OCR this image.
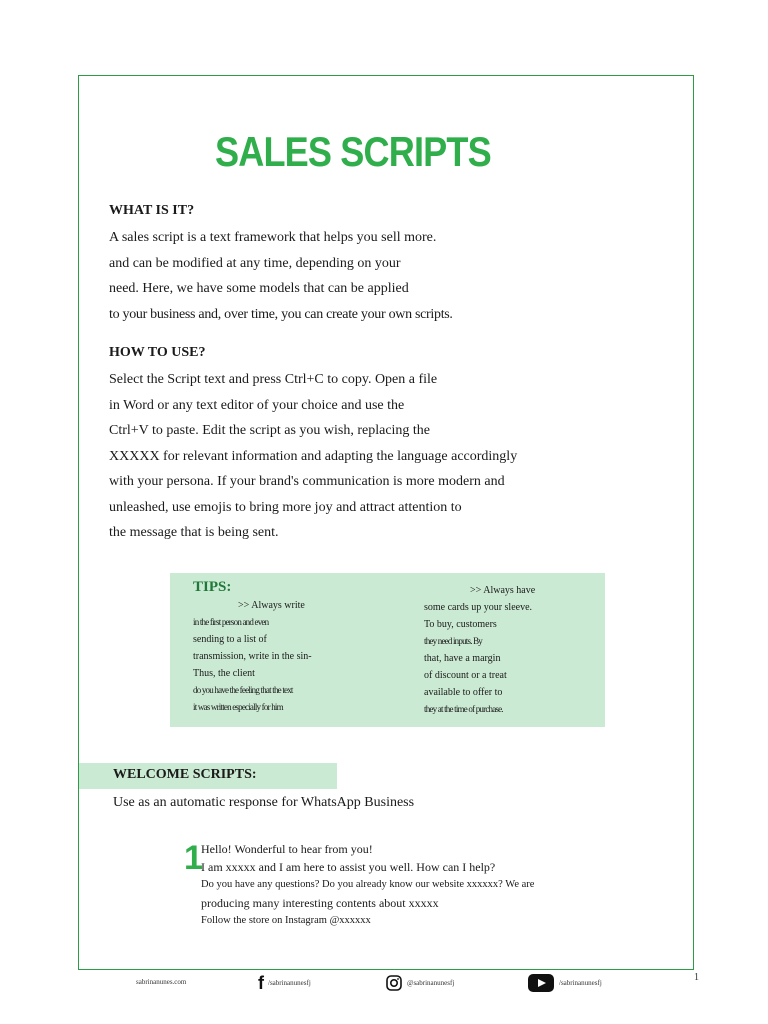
SALES SCRIPTS

WHAT IS IT?

A sales script is a text framework that helps you sell more.
and can be modified at any time, depending on your
need. Here, we have some models that can be applied
to your business and, over time, you can create your own scripts.

HOW TO USE?

Select the Script text and press Ctrl+C to copy. Open a file
in Word or any text editor of your choice and use the
Ctrl+V to paste. Edit the script as you wish, replacing the
XXXXX for relevant information and adapting the language accordingly
with your persona. If your brand's communication is more modern and
unleashed, use emojis to bring more joy and attract attention to
the message that is being sent.

TIPS:
>> Always write
in the first person and even
sending to a list of
transmission, write in the sin-
Thus, the client
do you have the feeling that the text
it was written especially for him
>> Always have
some cards up your sleeve.
To buy, customers
they need inputs. By
that, have a margin
of discount or a treat
available to offer to
they at the time of purchase.
WELCOME SCRIPTS:
Use as an automatic response for WhatsApp Business
1
Hello! Wonderful to hear from you!
I am xxxxx and I am here to assist you well. How can I help?
Do you have any questions? Do you already know our website xxxxxx? We are
producing many interesting contents about xxxxx
Follow the store on Instagram @xxxxxx
sabrinanunes.com	f /sabrinanunesfj	@sabrinanunesfj	/sabrinanunesfj	1
